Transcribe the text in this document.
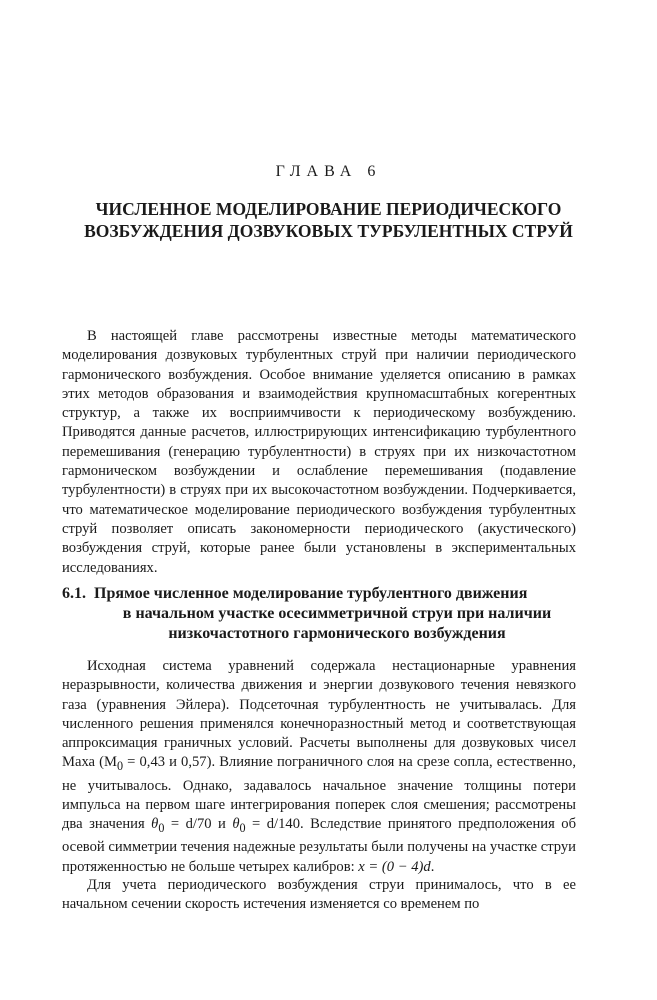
ГЛАВА 6
ЧИСЛЕННОЕ МОДЕЛИРОВАНИЕ ПЕРИОДИЧЕСКОГО
ВОЗБУЖДЕНИЯ ДОЗВУКОВЫХ ТУРБУЛЕНТНЫХ СТРУЙ

В настоящей главе рассмотрены известные методы математического моделирования дозвуковых турбулентных струй при наличии периодического гармонического возбуждения. Особое внимание уделяется описанию в рамках этих методов образования и взаимодействия крупномасштабных когерентных структур, а также их восприимчивости к периодическому возбуждению. Приводятся данные расчетов, иллюстрирующих интенсификацию турбулентного перемешивания (генерацию турбулентности) в струях при их низкочастотном гармоническом возбуждении и ослабление перемешивания (подавление турбулентности) в струях при их высокочастотном возбуждении. Подчеркивается, что математическое моделирование периодического возбуждения турбулентных струй позволяет описать закономерности периодического (акустического) возбуждения струй, которые ранее были установлены в экспериментальных исследованиях.

6.1. Прямое численное моделирование турбулентного движения
в начальном участке осесимметричной струи при наличии
низкочастотного гармонического возбуждения

Исходная система уравнений содержала нестационарные уравнения неразрывности, количества движения и энергии дозвукового течения невязкого газа (уравнения Эйлера). Подсеточная турбулентность не учитывалась. Для численного решения применялся конечноразностный метод и соответствующая аппроксимация граничных условий. Расчеты выполнены для дозвуковых чисел Маха ($M_0 = 0,43$ и 0,57). Влияние пограничного слоя на срезе сопла, естественно, не учитывалось. Однако, задавалось начальное значение толщины потери импульса на первом шаге интегрирования поперек слоя смешения; рассмотрены два значения $\theta_0 = d/70$ и $\theta_0 = d/140$. Вследствие принятого предположения об осевой симметрии течения надежные результаты были получены на участке струи протяженностью не больше четырех калибров: x = (0 − 4)d.

Для учета периодического возбуждения струи принималось, что в ее начальном сечении скорость истечения изменяется со временем по
